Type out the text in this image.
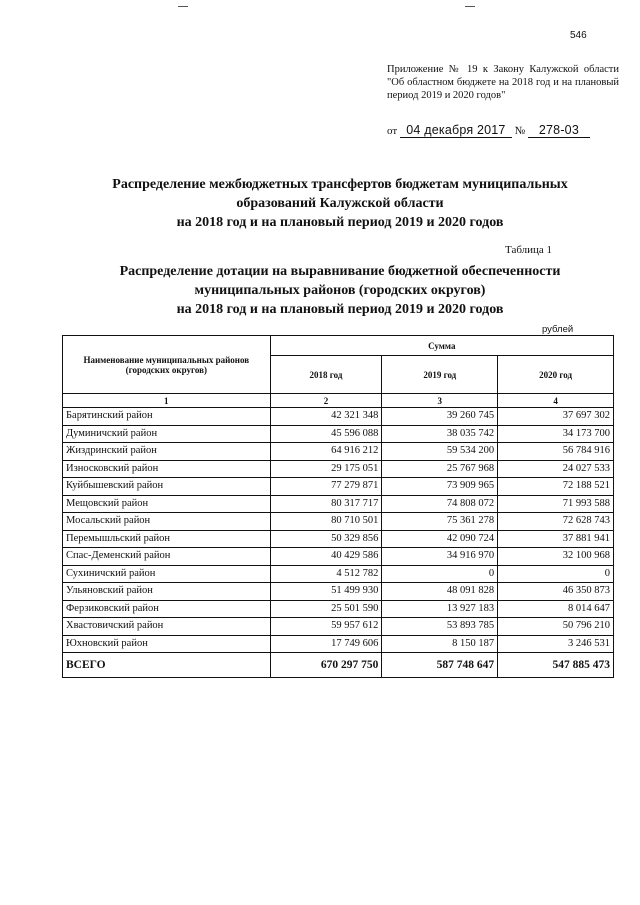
546
Приложение № 19 к Закону Калужской области "Об областном бюджете на 2018 год и на плановый период 2019 и 2020 годов"
от 04 декабря 2017 № 278-03
Распределение межбюджетных трансфертов бюджетам муниципальных
образований Калужской области
на 2018 год и на плановый период 2019 и 2020 годов
Таблица 1
Распределение дотации на выравнивание бюджетной обеспеченности
муниципальных районов (городских округов)
на 2018 год и на плановый период 2019 и 2020 годов
рублей
Наименование муниципальных районов (городских округов)	Сумма		
	2018 год	2019 год	2020 год
1	2	3	4
Барятинский район	42 321 348	39 260 745	37 697 302
Думиничский район	45 596 088	38 035 742	34 173 700
Жиздринский район	64 916 212	59 534 200	56 784 916
Износковский район	29 175 051	25 767 968	24 027 533
Куйбышевский район	77 279 871	73 909 965	72 188 521
Мещовский район	80 317 717	74 808 072	71 993 588
Мосальский район	80 710 501	75 361 278	72 628 743
Перемышльский район	50 329 856	42 090 724	37 881 941
Спас-Деменский район	40 429 586	34 916 970	32 100 968
Сухиничский район	4 512 782	0	0
Ульяновский район	51 499 930	48 091 828	46 350 873
Ферзиковский район	25 501 590	13 927 183	8 014 647
Хвастовичский район	59 957 612	53 893 785	50 796 210
Юхновский район	17 749 606	8 150 187	3 246 531
ВСЕГО	670 297 750	587 748 647	547 885 473
